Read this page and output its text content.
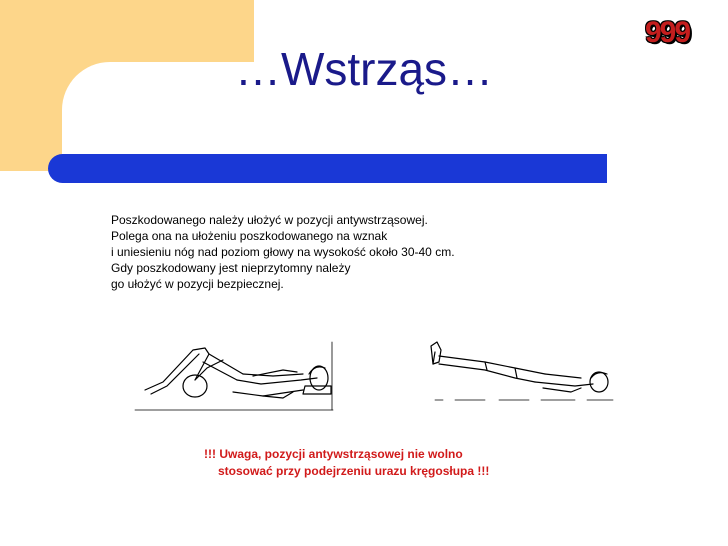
…Wstrząs…
999
Poszkodowanego należy ułożyć w pozycji antywstrząsowej.
Polega ona na ułożeniu poszkodowanego na wznak
i uniesieniu nóg nad poziom głowy na wysokość około 30-40 cm.
Gdy poszkodowany jest nieprzytomny należy
go ułożyć w pozycji bezpiecznej.
!!! Uwaga, pozycji antywstrząsowej nie wolno
stosować przy podejrzeniu urazu kręgosłupa !!!
